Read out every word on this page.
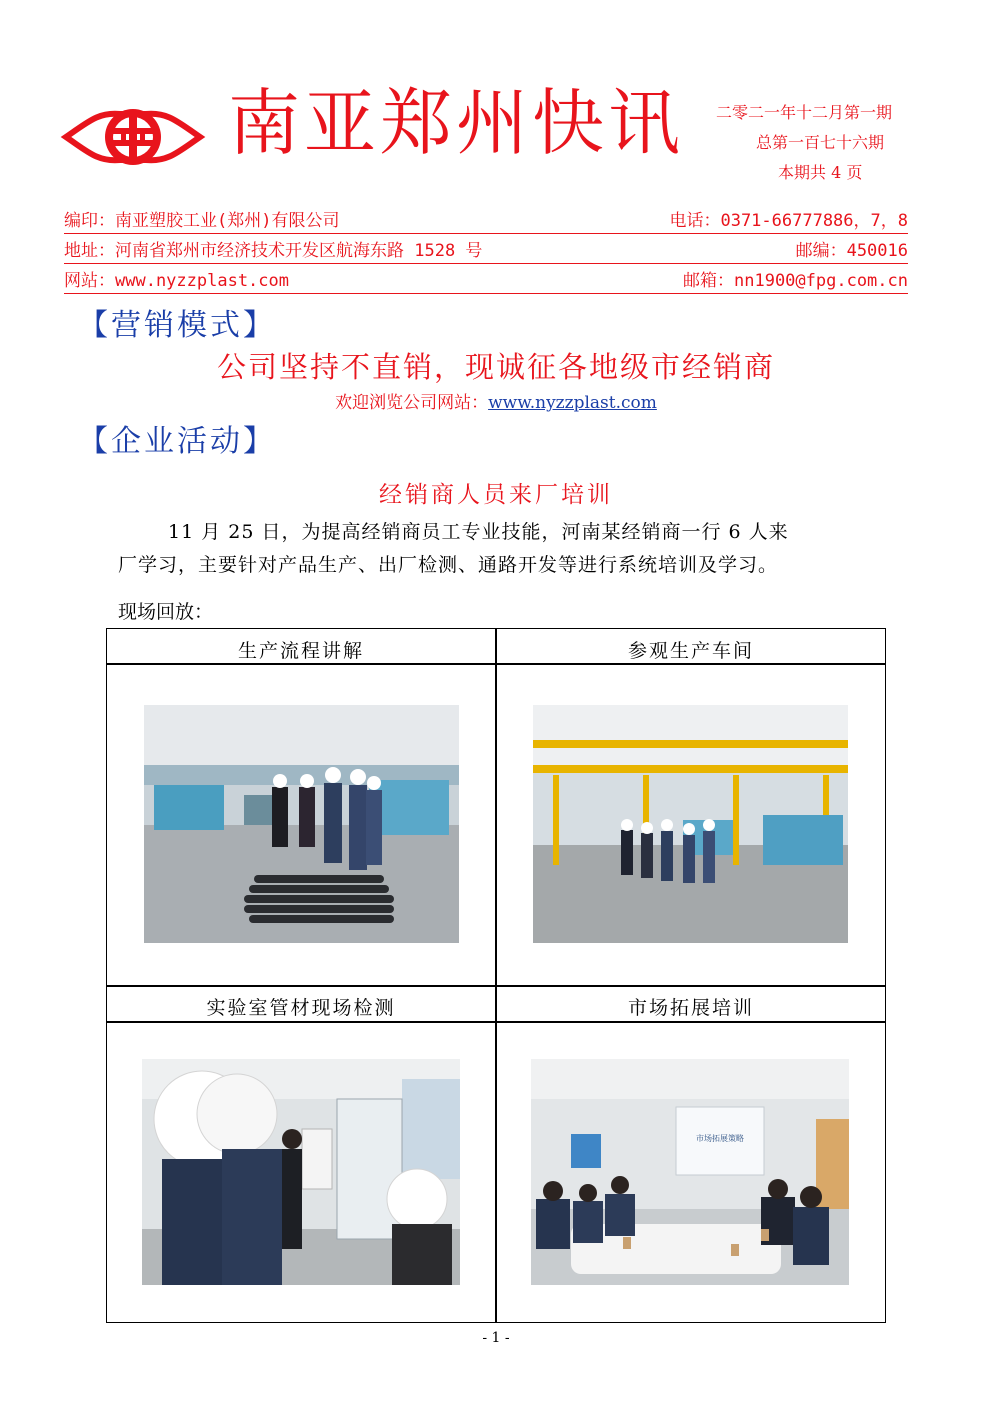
南亚郑州快讯 二零二一年十二月第一期
总第一百七十六期
本期共 4 页
编印：南亚塑胶工业(郑州)有限公司	电话：0371-66777886，7，8
地址：河南省郑州市经济技术开发区航海东路 1528 号	邮编：450016
网站：www.nyzzplast.com	邮箱：nn1900@fpg.com.cn
【营销模式】
公司坚持不直销，现诚征各地级市经销商
欢迎浏览公司网站：www.nyzzplast.com
【企业活动】
经销商人员来厂培训
11 月 25 日，为提高经销商员工专业技能，河南某经销商一行 6 人来
厂学习，主要针对产品生产、出厂检测、通路开发等进行系统培训及学习。
现场回放：
生产流程讲解	参观生产车间
实验室管材现场检测	市场拓展培训
市场拓展策略
- 1 -
